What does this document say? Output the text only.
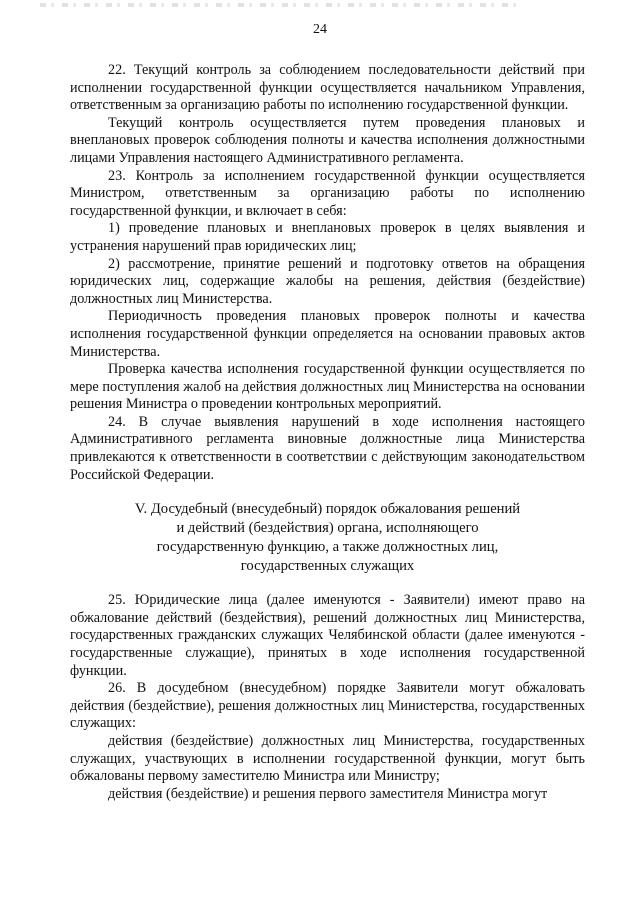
24

22. Текущий контроль за соблюдением последовательности действий при исполнении государственной функции осуществляется начальником Управления, ответственным за организацию работы по исполнению государственной функции.

Текущий контроль осуществляется путем проведения плановых и внеплановых проверок соблюдения полноты и качества исполнения должностными лицами Управления настоящего Административного регламента.

23. Контроль за исполнением государственной функции осуществляется Министром, ответственным за организацию работы по исполнению государственной функции, и включает в себя:

1) проведение плановых и внеплановых проверок в целях выявления и устранения нарушений прав юридических лиц;

2) рассмотрение, принятие решений и подготовку ответов на обращения юридических лиц, содержащие жалобы на решения, действия (бездействие) должностных лиц Министерства.

Периодичность проведения плановых проверок полноты и качества исполнения государственной функции определяется на основании правовых актов Министерства.

Проверка качества исполнения государственной функции осуществляется по мере поступления жалоб на действия должностных лиц Министерства на основании решения Министра о проведении контрольных мероприятий.

24. В случае выявления нарушений в ходе исполнения настоящего Административного регламента виновные должностные лица Министерства привлекаются к ответственности в соответствии с действующим законодательством Российской Федерации.

V. Досудебный (внесудебный) порядок обжалования решений
и действий (бездействия) органа, исполняющего
государственную функцию, а также должностных лиц,
государственных служащих

25. Юридические лица (далее именуются - Заявители) имеют право на обжалование действий (бездействия), решений должностных лиц Министерства, государственных гражданских служащих Челябинской области (далее именуются - государственные служащие), принятых в ходе исполнения государственной функции.

26. В досудебном (внесудебном) порядке Заявители могут обжаловать действия (бездействие), решения должностных лиц Министерства, государственных служащих:

действия (бездействие) должностных лиц Министерства, государственных служащих, участвующих в исполнении государственной функции, могут быть обжалованы первому заместителю Министра или Министру;

действия (бездействие) и решения первого заместителя Министра могут
